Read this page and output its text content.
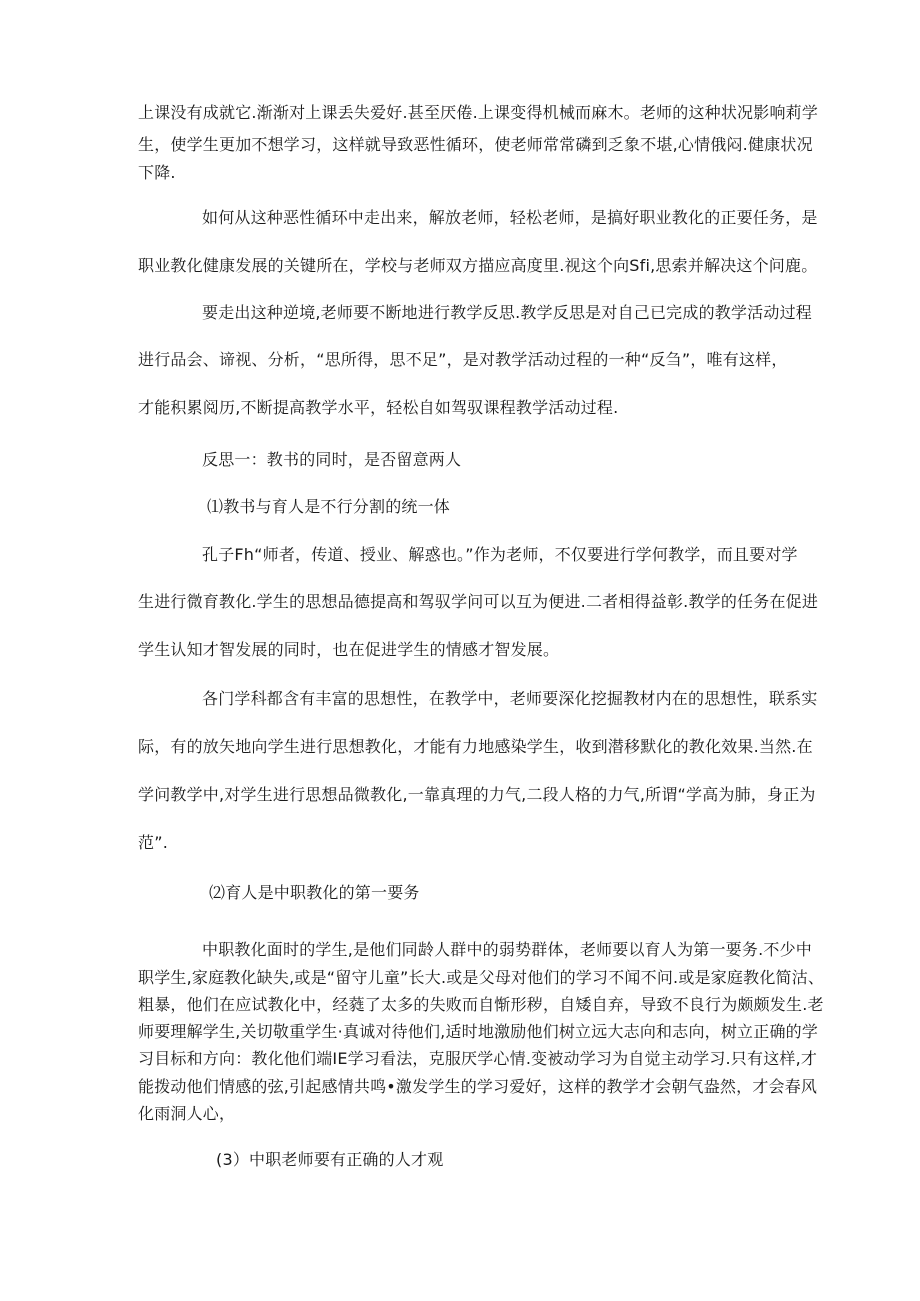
上课没有成就它.渐渐对上课丢失爱好.甚至厌倦.上课变得机械而麻木。老师的这种状况影响莉学
生，使学生更加不想学习，这样就导致恶性循环，使老师常常磷到乏象不堪,心情俄闷.健康状况
下降.
如何从这种恶性循环中走出来，解放老师，轻松老师，是搞好职业教化的正要任务，是
职业教化健康发展的关键所在，学校与老师双方描应高度里.视这个向Sfi,思索并解决这个问鹿。
要走出这种逆境,老师要不断地进行教学反思.教学反思是对自己已完成的教学活动过程
进行品会、谛视、分析，“思所得，思不足”，是对教学活动过程的一种“反刍”，唯有这样，
才能积累阅历,不断提高教学水平，轻松自如驾驭课程教学活动过程.
反思一：教书的同时，是否留意两人
⑴教书与育人是不行分割的统一体
孔子Fh“师者，传道、授业、解惑也。”作为老师，不仅要进行学何教学，而且要对学
生进行微育教化.学生的思想品德提高和驾驭学问可以互为便进.二者相得益彰.教学的任务在促进
学生认知才智发展的同时，也在促进学生的情感才智发展。
各门学科都含有丰富的思想性，在教学中，老师要深化挖掘教材内在的思想性，联系实
际，有的放矢地向学生进行思想教化，才能有力地感染学生，收到潜移默化的教化效果.当然.在
学问教学中,对学生进行思想品微教化,一靠真理的力气,二段人格的力气,所谓“学高为肺，身正为
范”.
⑵育人是中职教化的第一要务
中职教化面时的学生,是他们同龄人群中的弱势群体，老师要以育人为第一要务.不少中
职学生,家庭教化缺失,或是“留守儿童”长大.或是父母对他们的学习不闻不问.或是家庭教化简沽、
粗暴，他们在应试教化中，经蕤了太多的失败而自惭形秽，自矮自弃，导致不良行为颇颇发生.老
师要理解学生,关切敬重学生·真诚对待他们,适时地激励他们树立远大志向和志向，树立正确的学
习目标和方向：教化他们端IE学习看法，克服厌学心情.变被动学习为自觉主动学习.只有这样,才
能拨动他们情感的弦,引起感情共鸣•激发学生的学习爱好，这样的教学才会朝气盎然，才会春风
化雨洞人心，
(3）中职老师要有正确的人才观
